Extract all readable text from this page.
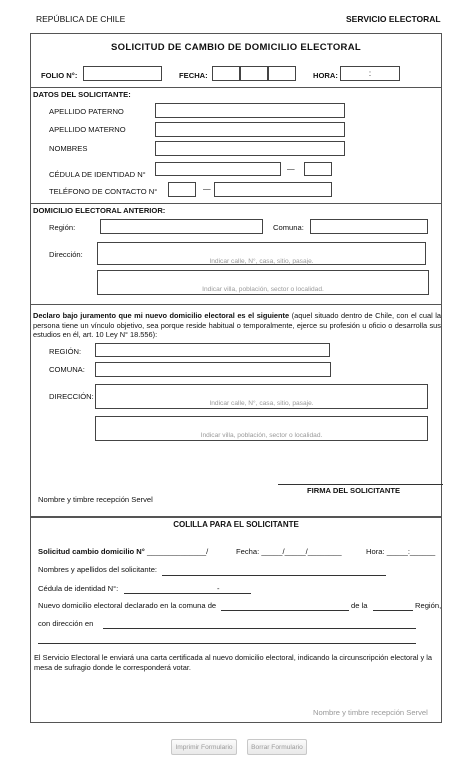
REPÚBLICA DE CHILE	SERVICIO ELECTORAL
SOLICITUD DE CAMBIO DE DOMICILIO ELECTORAL
FOLIO N°:	FECHA:	HORA:	:
DATOS DEL SOLICITANTE:
APELLIDO PATERNO
APELLIDO MATERNO
NOMBRES
CÉDULA DE IDENTIDAD N°
—
TELÉFONO DE CONTACTO N°	—
DOMICILIO ELECTORAL ANTERIOR:
Región:	Comuna:
Dirección:
Indicar calle, N°, casa, sitio, pasaje.
Indicar villa, población, sector o localidad.
Declaro bajo juramento que mi nuevo domicilio electoral es el siguiente (aquel situado dentro de Chile, con el cual la persona tiene un vínculo objetivo, sea porque reside habitual o temporalmente, ejerce su profesión u oficio o desarrolla sus estudios en él, art. 10 Ley N° 18.556):
REGIÓN:
COMUNA:
DIRECCIÓN:
Indicar calle, N°, casa, sitio, pasaje.
Indicar villa, población, sector o localidad.
FIRMA DEL SOLICITANTE
Nombre y timbre recepción Servel
COLILLA PARA EL SOLICITANTE
Solicitud cambio domicilio N° ______________/	Fecha: _____/_____/________	Hora: _____:______
Nombres y apellidos del solicitante:
Cédula de identidad N°:	-
Nuevo domicilio electoral declarado en la comuna de	de la	Región,
con dirección en
El Servicio Electoral le enviará una carta certificada al nuevo domicilio electoral, indicando la circunscripción electoral y la mesa de sufragio donde le corresponderá votar.
Nombre y timbre recepción Servel
Imprimir Formulario	Borrar Formulario
